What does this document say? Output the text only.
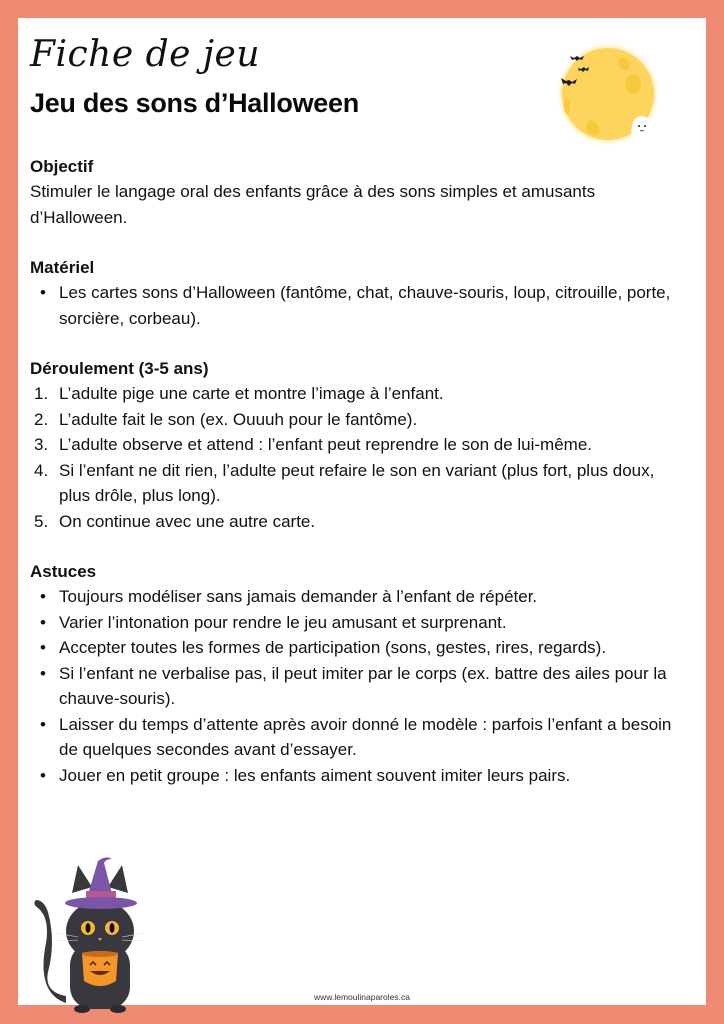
Fiche de jeu
Jeu des sons d’Halloween
Objectif

Stimuler le langage oral des enfants grâce à des sons simples et amusants d’Halloween.

Matériel
• Les cartes sons d’Halloween (fantôme, chat, chauve-souris, loup, citrouille, porte, sorcière, corbeau).
Déroulement (3-5 ans)
1. L’adulte pige une carte et montre l’image à l’enfant.
2. L’adulte fait le son (ex. Ouuuh pour le fantôme).
3. L’adulte observe et attend : l’enfant peut reprendre le son de lui-même.
4. Si l’enfant ne dit rien, l’adulte peut refaire le son en variant (plus fort, plus doux, plus drôle, plus long).
5. On continue avec une autre carte.
Astuces
• Toujours modéliser sans jamais demander à l’enfant de répéter.
• Varier l’intonation pour rendre le jeu amusant et surprenant.
• Accepter toutes les formes de participation (sons, gestes, rires, regards).
• Si l’enfant ne verbalise pas, il peut imiter par le corps (ex. battre des ailes pour la chauve-souris).
• Laisser du temps d’attente après avoir donné le modèle : parfois l’enfant a besoin de quelques secondes avant d’essayer.
• Jouer en petit groupe : les enfants aiment souvent imiter leurs pairs.
www.lemoulinaparoles.ca
